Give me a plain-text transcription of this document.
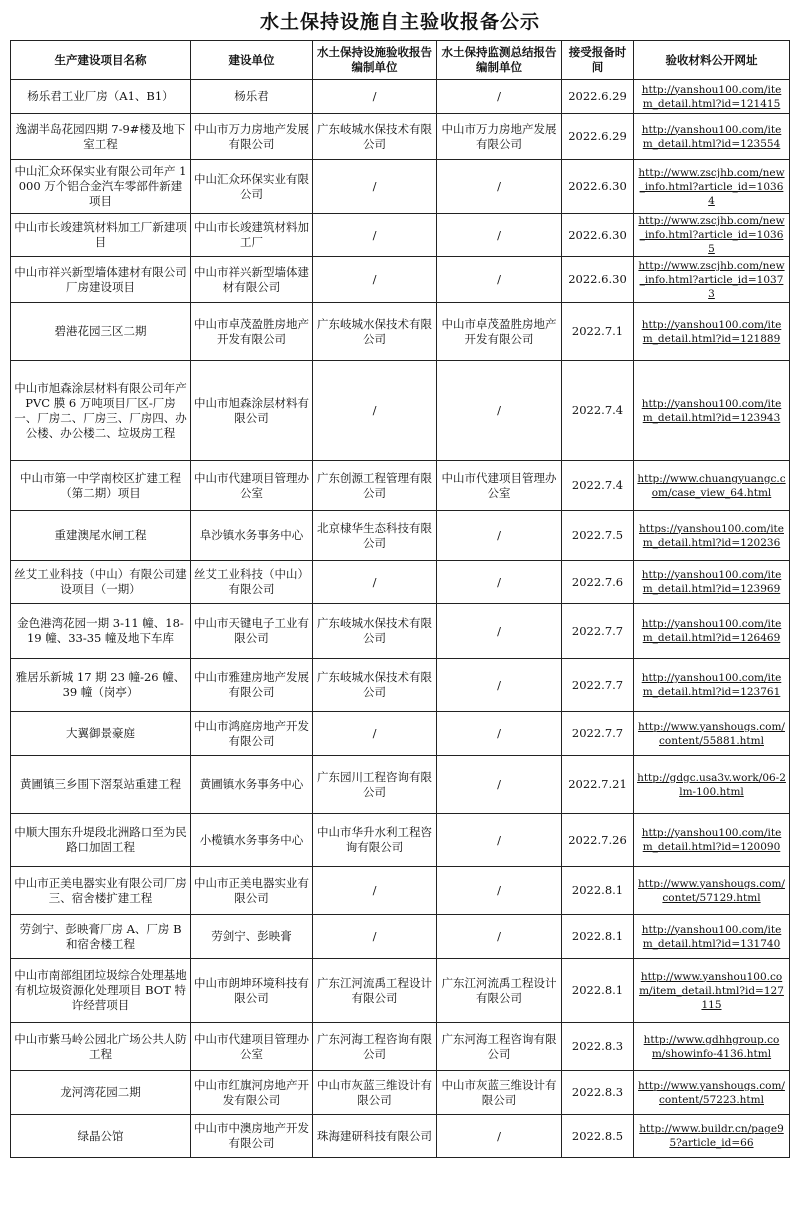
水土保持设施自主验收报备公示
生产建设项目名称	建设单位	水土保持设施验收报告编制单位	水土保持监测总结报告编制单位	接受报备时间	验收材料公开网址
杨乐君工业厂房（A1、B1）	杨乐君	/	/	2022.6.29	http://yanshou100.com/item_detail.html?id=121415
逸湖半岛花园四期 7-9#楼及地下室工程	中山市万力房地产发展有限公司	广东岐城水保技术有限公司	中山市万力房地产发展有限公司	2022.6.29	http://yanshou100.com/item_detail.html?id=123554
中山汇众环保实业有限公司年产 1000 万个铝合金汽车零部件新建项目	中山汇众环保实业有限公司	/	/	2022.6.30	http://www.zscjhb.com/new_info.html?article_id=10364
中山市长竣建筑材料加工厂新建项目	中山市长竣建筑材料加工厂	/	/	2022.6.30	http://www.zscjhb.com/new_info.html?article_id=10365
中山市祥兴新型墙体建材有限公司厂房建设项目	中山市祥兴新型墙体建材有限公司	/	/	2022.6.30	http://www.zscjhb.com/new_info.html?article_id=10373
碧港花园三区二期	中山市卓茂盈胜房地产开发有限公司	广东岐城水保技术有限公司	中山市卓茂盈胜房地产开发有限公司	2022.7.1	http://yanshou100.com/item_detail.html?id=121889
中山市旭森涂层材料有限公司年产 PVC 膜 6 万吨项目厂区-厂房一、厂房二、厂房三、厂房四、办公楼、办公楼二、垃圾房工程	中山市旭森涂层材料有限公司	/	/	2022.7.4	http://yanshou100.com/item_detail.html?id=123943
中山市第一中学南校区扩建工程（第二期）项目	中山市代建项目管理办公室	广东创源工程管理有限公司	中山市代建项目管理办公室	2022.7.4	http://www.chuangyuangc.com/case_view_64.html
重建澳尾水闸工程	阜沙镇水务事务中心	北京棣华生态科技有限公司	/	2022.7.5	https://yanshou100.com/item_detail.html?id=120236
丝艾工业科技（中山）有限公司建设项目（一期）	丝艾工业科技（中山）有限公司	/	/	2022.7.6	http://yanshou100.com/item_detail.html?id=123969
金色港湾花园一期 3-11 幢、18-19 幢、33-35 幢及地下车库	中山市天键电子工业有限公司	广东岐城水保技术有限公司	/	2022.7.7	http://yanshou100.com/item_detail.html?id=126469
雅居乐新城 17 期 23 幢-26 幢、39 幢（岗亭）	中山市雅建房地产发展有限公司	广东岐城水保技术有限公司	/	2022.7.7	http://yanshou100.com/item_detail.html?id=123761
大翼御景豪庭	中山市鸿庭房地产开发有限公司	/	/	2022.7.7	http://www.yanshougs.com/content/55881.html
黄圃镇三乡围下滘泵站重建工程	黄圃镇水务事务中心	广东园川工程咨询有限公司	/	2022.7.21	http://gdgc.usa3v.work/06-2lm-100.html
中顺大围东升堤段北洲路口至为民路口加固工程	小榄镇水务事务中心	中山市华升水利工程咨询有限公司	/	2022.7.26	http://yanshou100.com/item_detail.html?id=120090
中山市正美电器实业有限公司厂房三、宿舍楼扩建工程	中山市正美电器实业有限公司	/	/	2022.8.1	http://www.yanshougs.com/contet/57129.html
劳剑宁、彭映膏厂房 A、厂房 B 和宿舍楼工程	劳剑宁、彭映膏	/	/	2022.8.1	http://yanshou100.com/item_detail.html?id=131740
中山市南部组团垃圾综合处理基地有机垃圾资源化处理项目 BOT 特许经营项目	中山市朗坤环境科技有限公司	广东江河流禹工程设计有限公司	广东江河流禹工程设计有限公司	2022.8.1	http://www.yanshou100.com/item_detail.html?id=127115
中山市紫马岭公园北广场公共人防工程	中山市代建项目管理办公室	广东河海工程咨询有限公司	广东河海工程咨询有限公司	2022.8.3	http://www.gdhhgroup.com/showinfo-4136.html
龙河湾花园二期	中山市红旗河房地产开发有限公司	中山市灰蓝三维设计有限公司	中山市灰蓝三维设计有限公司	2022.8.3	http://www.yanshougs.com/content/57223.html
绿晶公馆	中山市中澳房地产开发有限公司	珠海建研科技有限公司	/	2022.8.5	http://www.buildr.cn/page95?article_id=66
